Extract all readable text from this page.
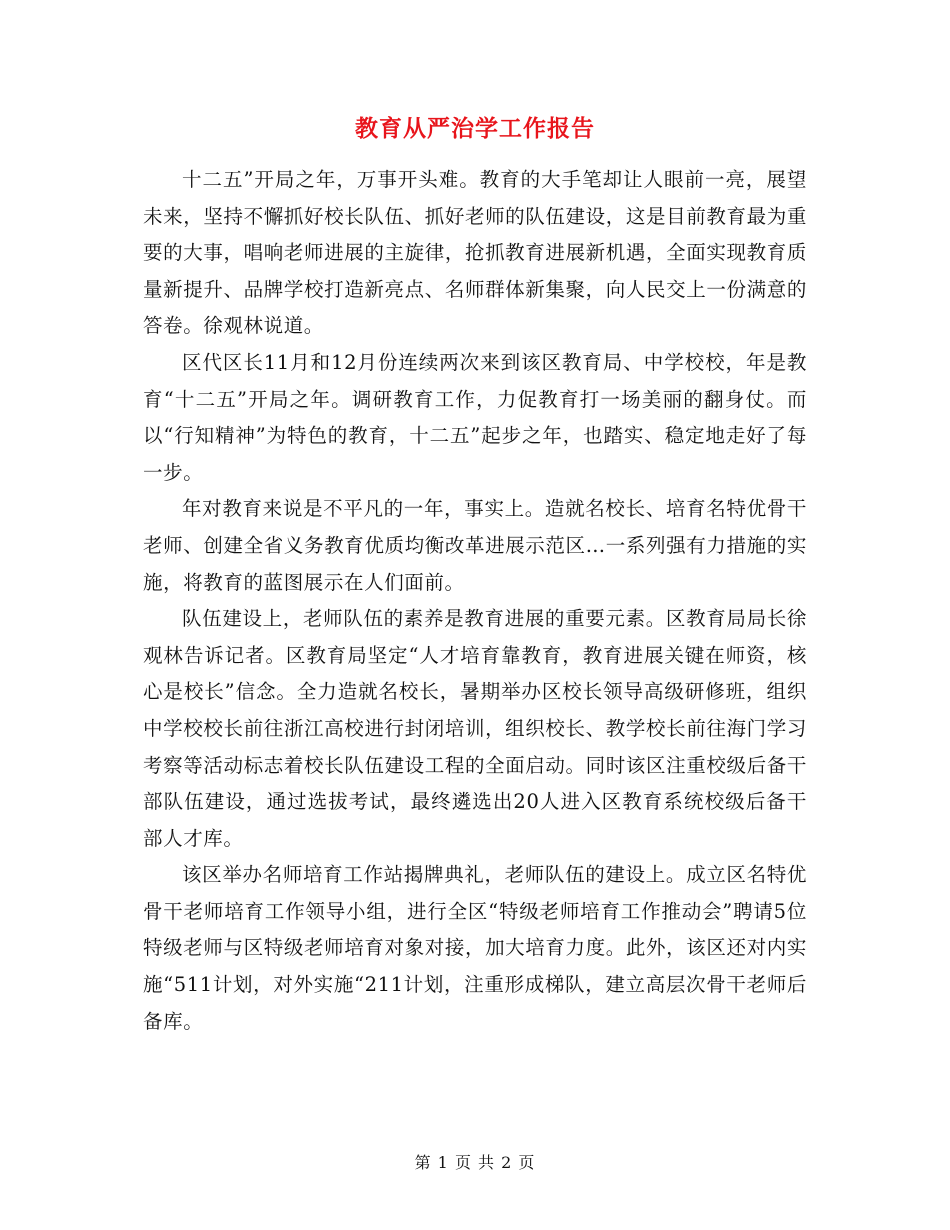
教育从严治学工作报告

十二五”开局之年，万事开头难。教育的大手笔却让人眼前一亮，展望未来，坚持不懈抓好校长队伍、抓好老师的队伍建设，这是目前教育最为重要的大事，唱响老师进展的主旋律，抢抓教育进展新机遇，全面实现教育质量新提升、品牌学校打造新亮点、名师群体新集聚，向人民交上一份满意的答卷。徐观林说道。

区代区长11月和12月份连续两次来到该区教育局、中学校校，年是教育“十二五”开局之年。调研教育工作，力促教育打一场美丽的翻身仗。而以“行知精神”为特色的教育，十二五”起步之年，也踏实、稳定地走好了每一步。

年对教育来说是不平凡的一年，事实上。造就名校长、培育名特优骨干老师、创建全省义务教育优质均衡改革进展示范区…一系列强有力措施的实施，将教育的蓝图展示在人们面前。

队伍建设上，老师队伍的素养是教育进展的重要元素。区教育局局长徐观林告诉记者。区教育局坚定“人才培育靠教育，教育进展关键在师资，核心是校长”信念。全力造就名校长，暑期举办区校长领导高级研修班，组织中学校校长前往浙江高校进行封闭培训，组织校长、教学校长前往海门学习考察等活动标志着校长队伍建设工程的全面启动。同时该区注重校级后备干部队伍建设，通过选拔考试，最终遴选出20人进入区教育系统校级后备干部人才库。

该区举办名师培育工作站揭牌典礼，老师队伍的建设上。成立区名特优骨干老师培育工作领导小组，进行全区“特级老师培育工作推动会”聘请5位特级老师与区特级老师培育对象对接，加大培育力度。此外，该区还对内实施“511计划，对外实施“211计划，注重形成梯队，建立高层次骨干老师后备库。

第 1 页 共 2 页
